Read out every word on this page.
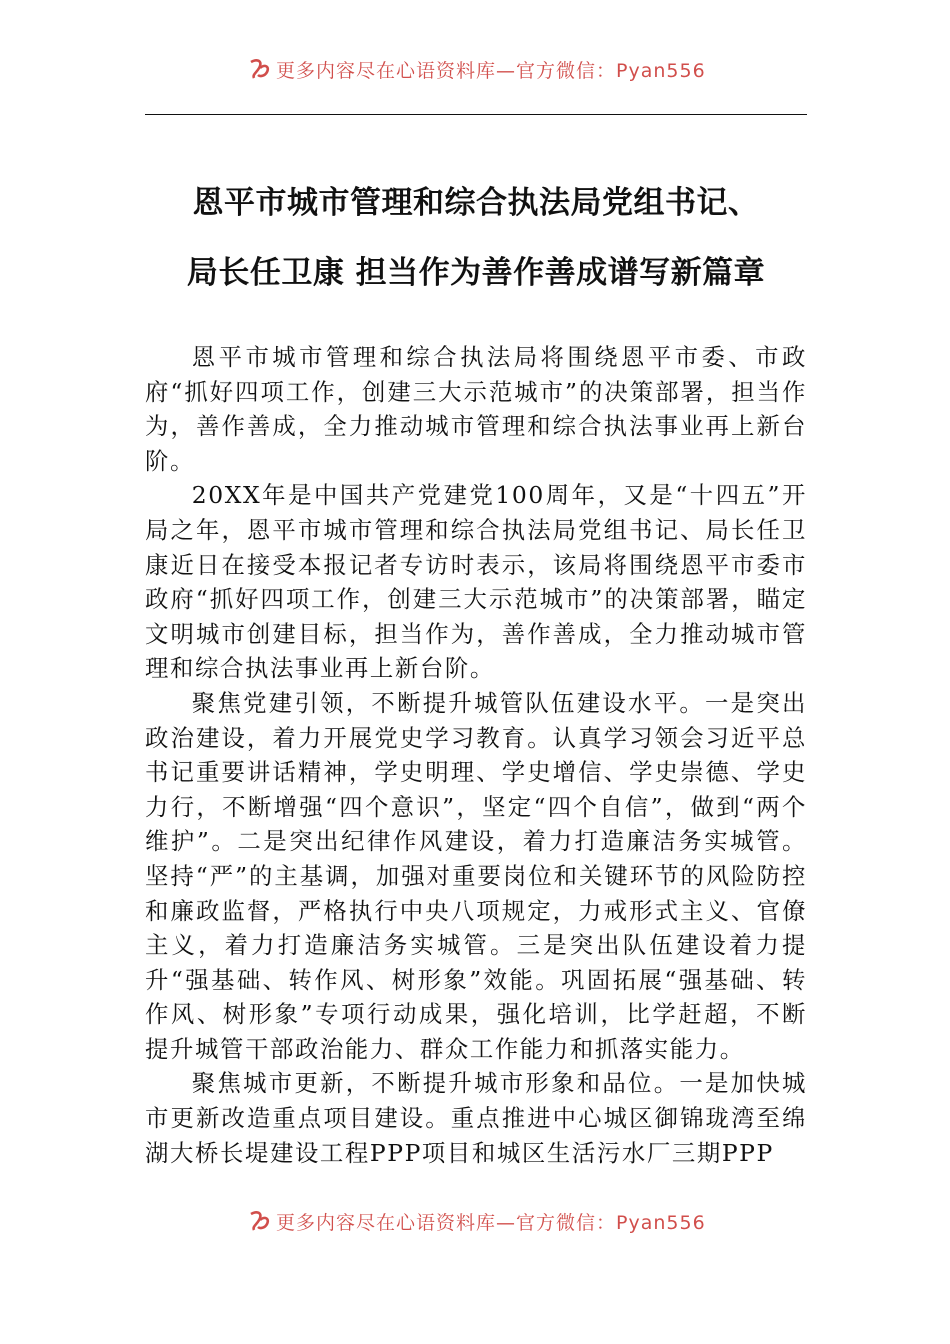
更多内容尽在心语资料库—官方微信：Pyan556
恩平市城市管理和综合执法局党组书记、
局长任卫康 担当作为善作善成谱写新篇章

恩平市城市管理和综合执法局将围绕恩平市委、市政府“抓好四项工作，创建三大示范城市”的决策部署，担当作为，善作善成，全力推动城市管理和综合执法事业再上新台阶。

20XX年是中国共产党建党100周年，又是“十四五”开局之年，恩平市城市管理和综合执法局党组书记、局长任卫康近日在接受本报记者专访时表示，该局将围绕恩平市委市政府“抓好四项工作，创建三大示范城市”的决策部署，瞄定文明城市创建目标，担当作为，善作善成，全力推动城市管理和综合执法事业再上新台阶。

聚焦党建引领，不断提升城管队伍建设水平。一是突出政治建设，着力开展党史学习教育。认真学习领会习近平总书记重要讲话精神，学史明理、学史增信、学史崇德、学史力行，不断增强“四个意识”，坚定“四个自信”，做到“两个维护”。二是突出纪律作风建设，着力打造廉洁务实城管。坚持“严”的主基调，加强对重要岗位和关键环节的风险防控和廉政监督，严格执行中央八项规定，力戒形式主义、官僚主义，着力打造廉洁务实城管。三是突出队伍建设着力提升“强基础、转作风、树形象”效能。巩固拓展“强基础、转作风、树形象”专项行动成果，强化培训，比学赶超，不断提升城管干部政治能力、群众工作能力和抓落实能力。

聚焦城市更新，不断提升城市形象和品位。一是加快城市更新改造重点项目建设。重点推进中心城区御锦珑湾至绵湖大桥长堤建设工程PPP项目和城区生活污水厂三期PPP

更多内容尽在心语资料库—官方微信：Pyan556
